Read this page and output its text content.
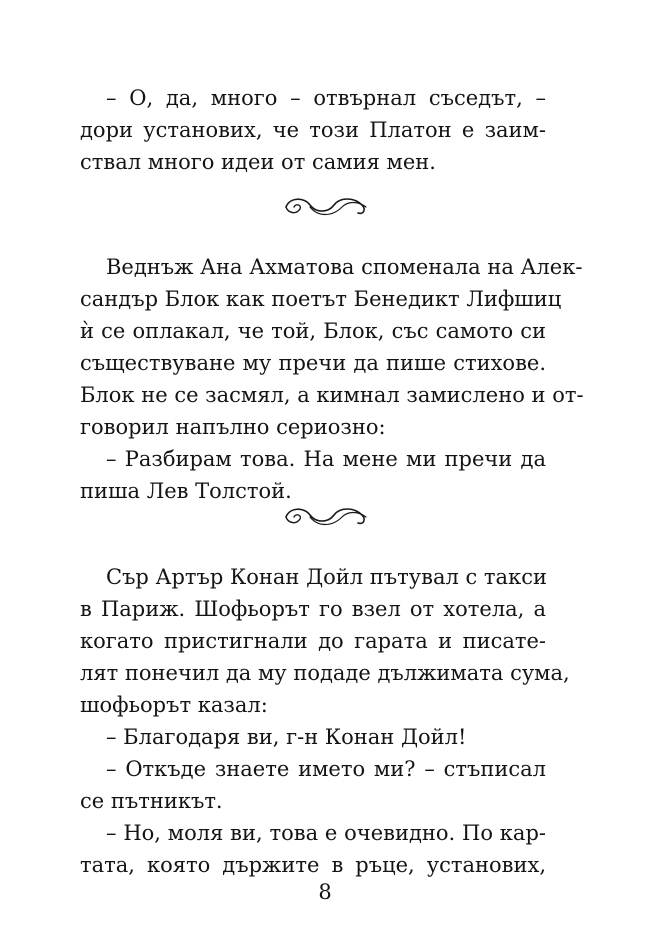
– О, да, много – отвърнал съседът, –
дори установих, че този Платон е заим-
ствал много идеи от самия мен.
Веднъж Ана Ахматова споменала на Алек-
сандър Блок как поетът Бенедикт Лифшиц
ѝ се оплакал, че той, Блок, със самото си
съществуване му пречи да пише стихове.
Блок не се засмял, а кимнал замислено и от-
говорил напълно сериозно:
– Разбирам това. На мене ми пречи да
пиша Лев Толстой.
Сър Артър Конан Дойл пътувал с такси
в Париж. Шофьорът го взел от хотела, а
когато пристигнали до гарата и писате-
лят понечил да му подаде дължимата сума,
шофьорът казал:
– Благодаря ви, г-н Конан Дойл!
– Откъде знаете името ми? – стъписал
се пътникът.
– Но, моля ви, това е очевидно. По кар-
тата, която държите в ръце, установих,
8
